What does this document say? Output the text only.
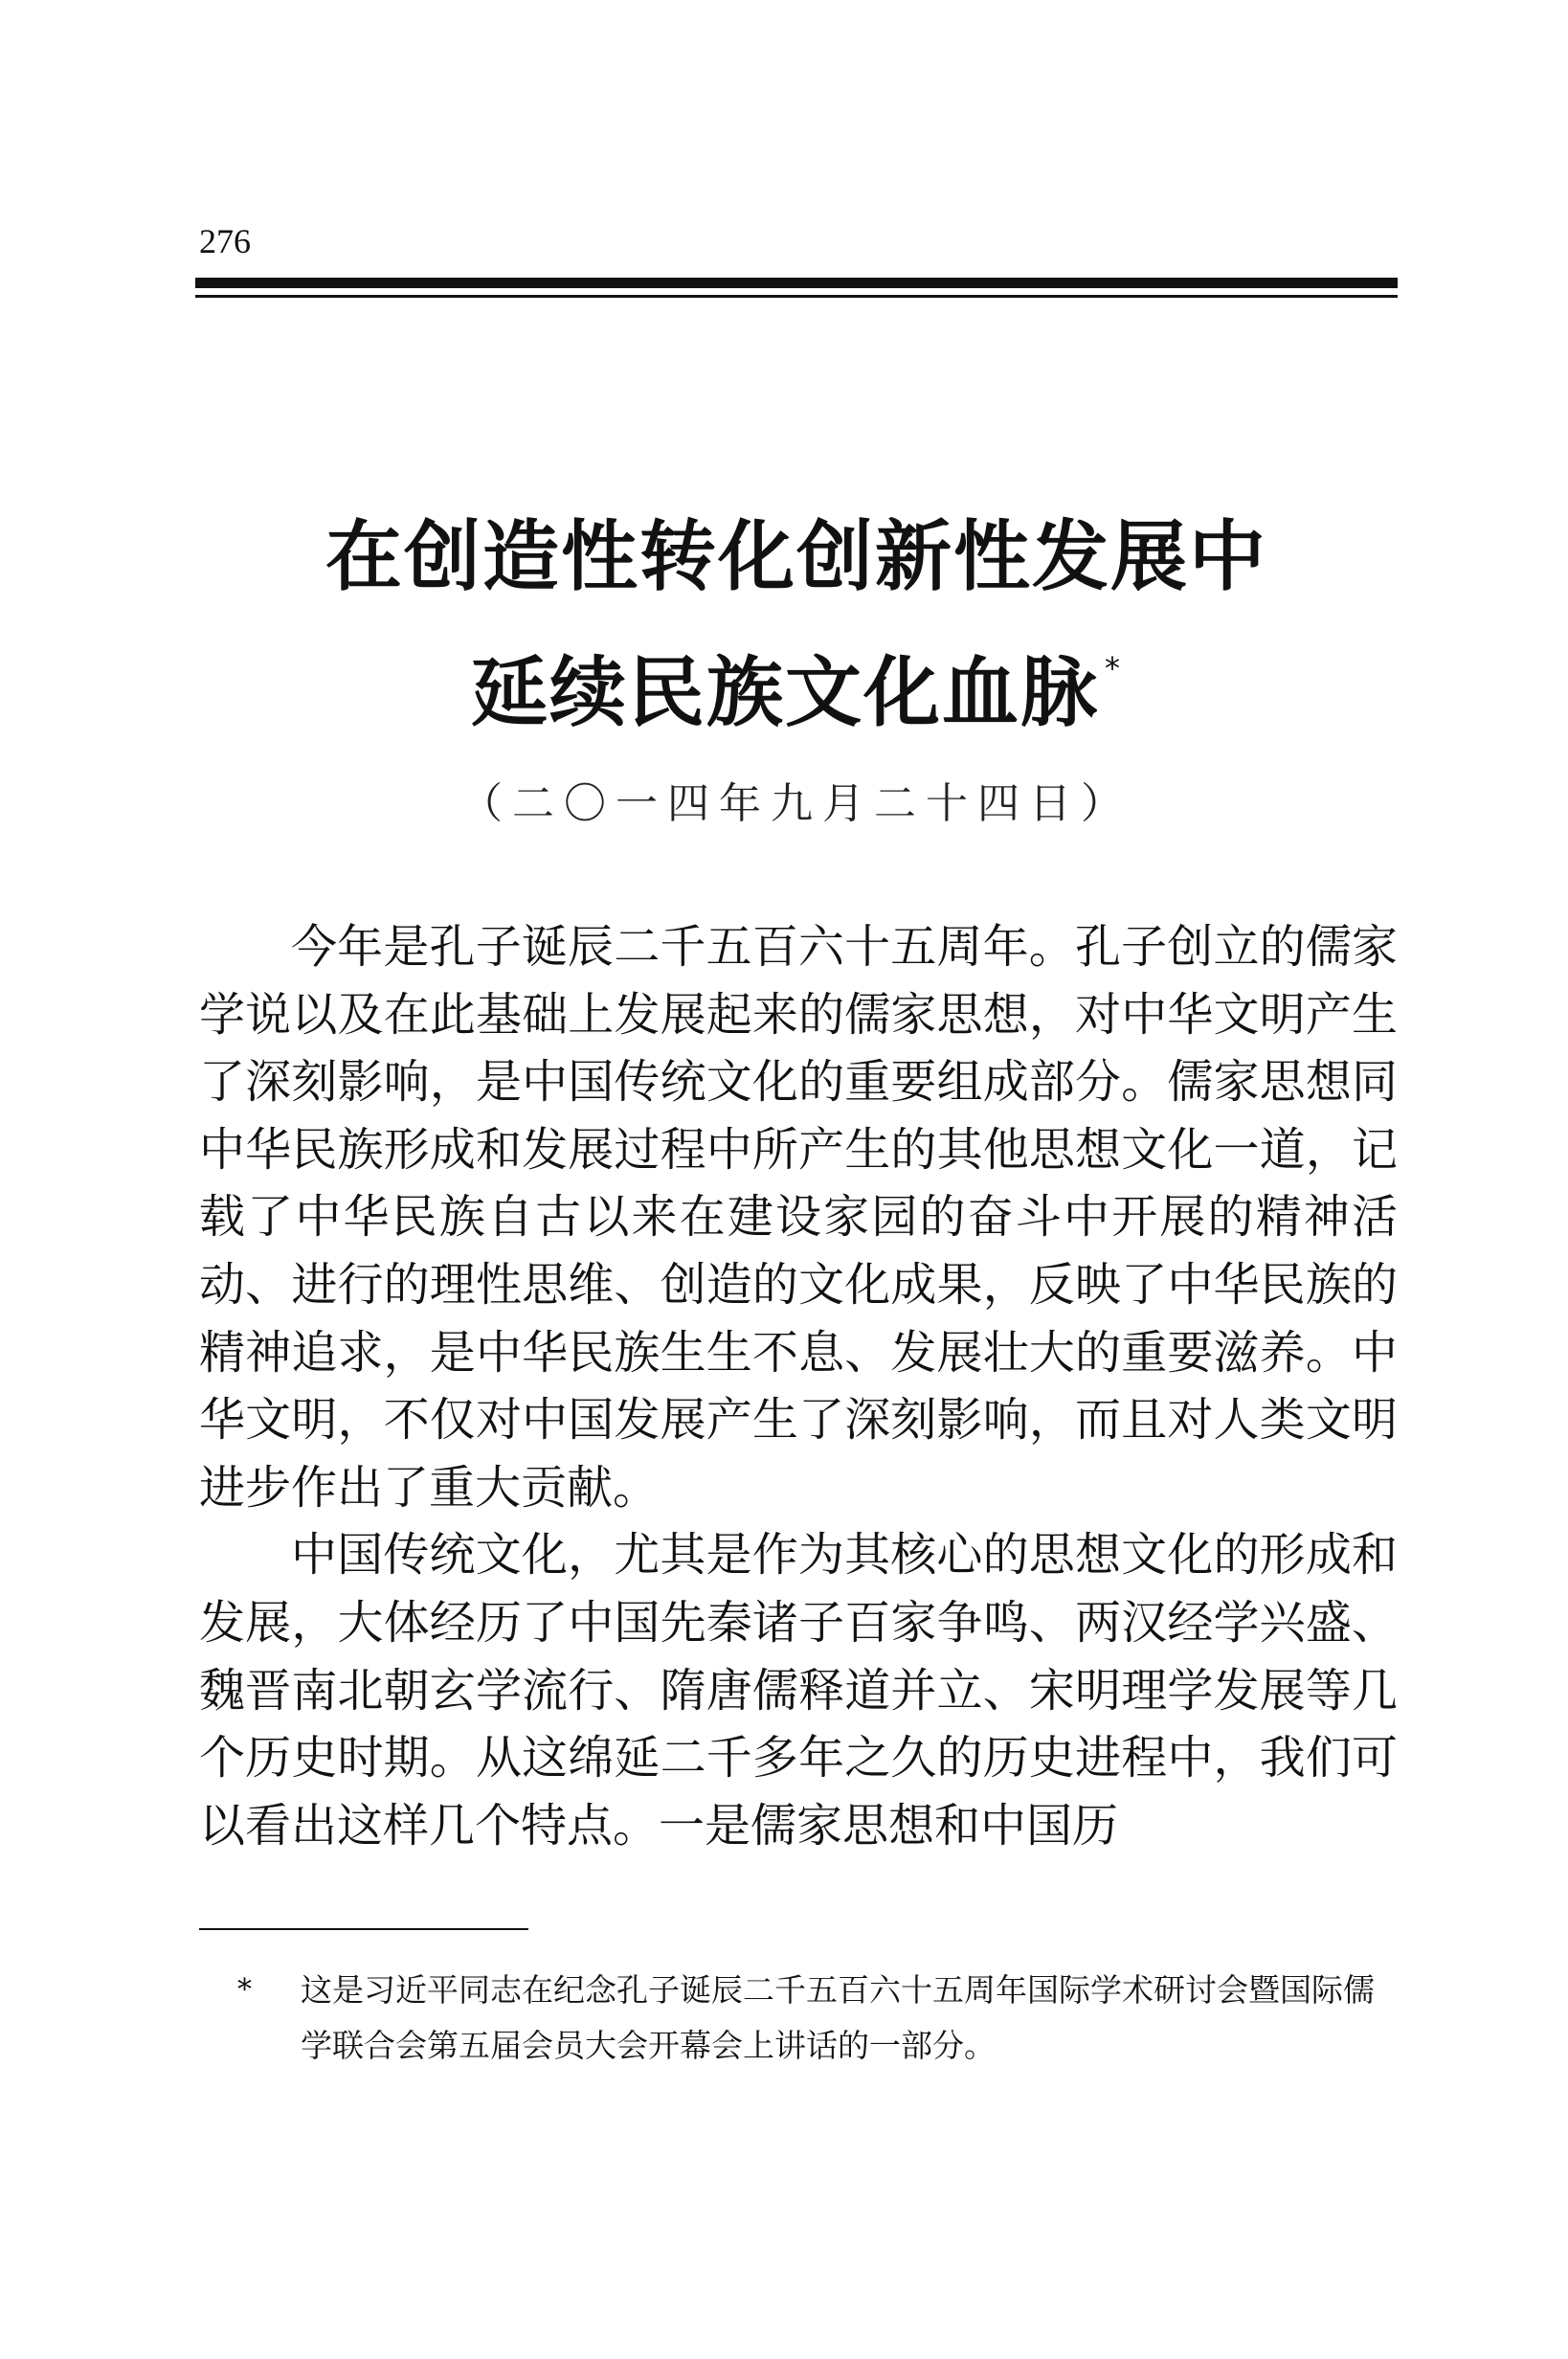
276
在创造性转化创新性发展中
延续民族文化血脉 *
（二〇一四年九月二十四日）

今年是孔子诞辰二千五百六十五周年。孔子创立的儒家学说以及在此基础上发展起来的儒家思想，对中华文明产生了深刻影响，是中国传统文化的重要组成部分。儒家思想同中华民族形成和发展过程中所产生的其他思想文化一道，记载了中华民族自古以来在建设家园的奋斗中开展的精神活动、进行的理性思维、创造的文化成果，反映了中华民族的精神追求，是中华民族生生不息、发展壮大的重要滋养。中华文明，不仅对中国发展产生了深刻影响，而且对人类文明进步作出了重大贡献。

中国传统文化，尤其是作为其核心的思想文化的形成和发展，大体经历了中国先秦诸子百家争鸣、两汉经学兴盛、魏晋南北朝玄学流行、隋唐儒释道并立、宋明理学发展等几个历史时期。从这绵延二千多年之久的历史进程中，我们可以看出这样几个特点。一是儒家思想和中国历

* 这是习近平同志在纪念孔子诞辰二千五百六十五周年国际学术研讨会暨国际儒学联合会第五届会员大会开幕会上讲话的一部分。
